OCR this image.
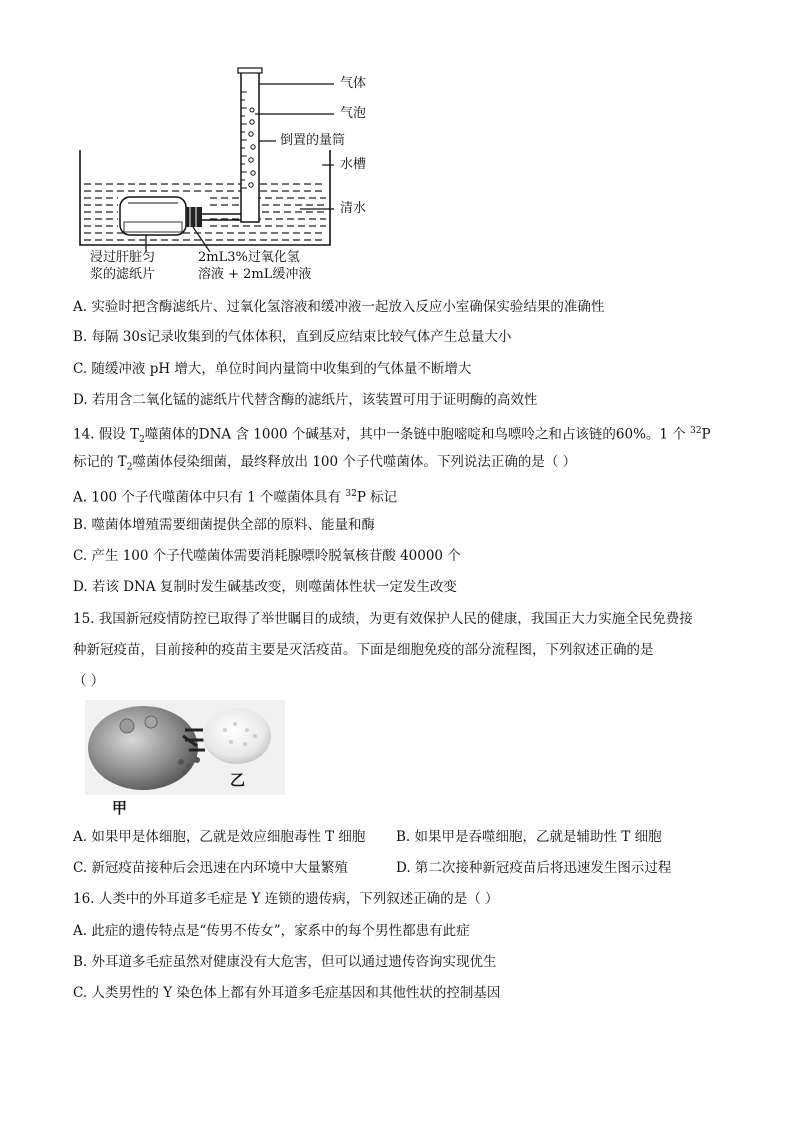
气体
气泡
倒置的量筒
水槽
清水
浸过肝脏匀
浆的滤纸片
2mL3%过氧化氢
溶液 + 2mL缓冲液
A. 实验时把含酶滤纸片、过氧化氢溶液和缓冲液一起放入反应小室确保实验结果的准确性
B. 每隔 30s记录收集到的气体体积，直到反应结束比较气体产生总量大小
C. 随缓冲液 pH 增大，单位时间内量筒中收集到的气体量不断增大
D. 若用含二氧化锰的滤纸片代替含酶的滤纸片，该装置可用于证明酶的高效性
14. 假设 $T_2$噬菌体的DNA 含 1000 个碱基对，其中一条链中胞嘧啶和鸟嘌呤之和占该链的60%。1 个 $^{32}$P
标记的 $T_2$噬菌体侵染细菌，最终释放出 100 个子代噬菌体。下列说法正确的是（ ）
A. 100 个子代噬菌体中只有 1 个噬菌体具有 $^{32}$P 标记
B. 噬菌体增殖需要细菌提供全部的原料、能量和酶
C. 产生 100 个子代噬菌体需要消耗腺嘌呤脱氧核苷酸 40000 个
D. 若该 DNA 复制时发生碱基改变，则噬菌体性状一定发生改变
15. 我国新冠疫情防控已取得了举世瞩目的成绩，为更有效保护人民的健康，我国正大力实施全民免费接
种新冠疫苗，目前接种的疫苗主要是灭活疫苗。下面是细胞免疫的部分流程图，下列叙述正确的是
（ ）
甲
乙
A. 如果甲是体细胞，乙就是效应细胞毒性 T 细胞 B. 如果甲是吞噬细胞，乙就是辅助性 T 细胞
C. 新冠疫苗接种后会迅速在内环境中大量繁殖	D. 第二次接种新冠疫苗后将迅速发生图示过程
16. 人类中的外耳道多毛症是 Y 连锁的遗传病，下列叙述正确的是（ ）
A. 此症的遗传特点是“传男不传女”，家系中的每个男性都患有此症
B. 外耳道多毛症虽然对健康没有大危害，但可以通过遗传咨询实现优生
C. 人类男性的 Y 染色体上都有外耳道多毛症基因和其他性状的控制基因
